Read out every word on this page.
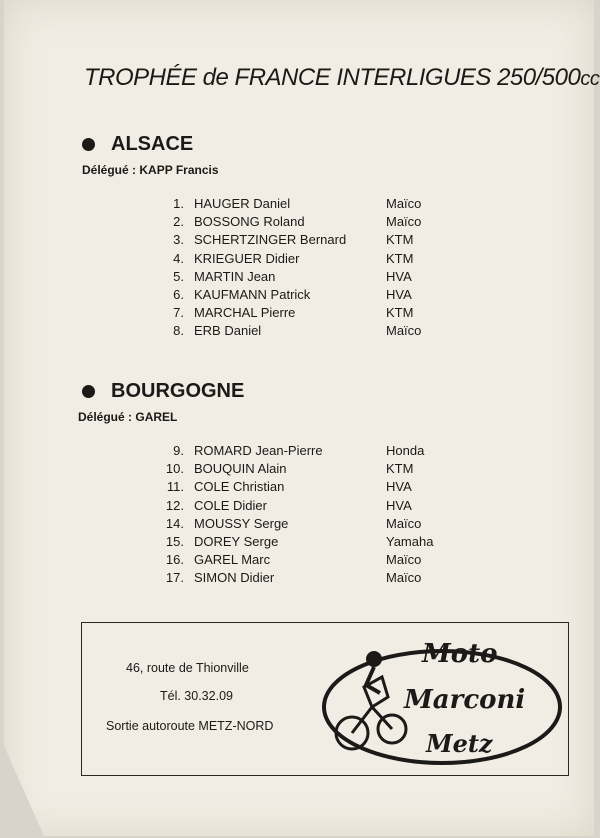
TROPHÉE de FRANCE INTERLIGUES 250/500cc
ALSACE
Délégué : KAPP Francis
1. HAUGER Daniel	Maïco
2. BOSSONG Roland	Maïco
3. SCHERTZINGER Bernard	KTM
4. KRIEGUER Didier	KTM
5. MARTIN Jean	HVA
6. KAUFMANN Patrick	HVA
7. MARCHAL Pierre	KTM
8. ERB Daniel	Maïco
BOURGOGNE
Délégué : GAREL
9. ROMARD Jean-Pierre	Honda
10. BOUQUIN Alain	KTM
11. COLE Christian	HVA
12. COLE Didier	HVA
14. MOUSSY Serge	Maïco
15. DOREY Serge	Yamaha
16. GAREL Marc	Maïco
17. SIMON Didier	Maïco
46, route de Thionville
Tél. 30.32.09
Sortie autoroute METZ-NORD
Moto
Marconi
Metz
